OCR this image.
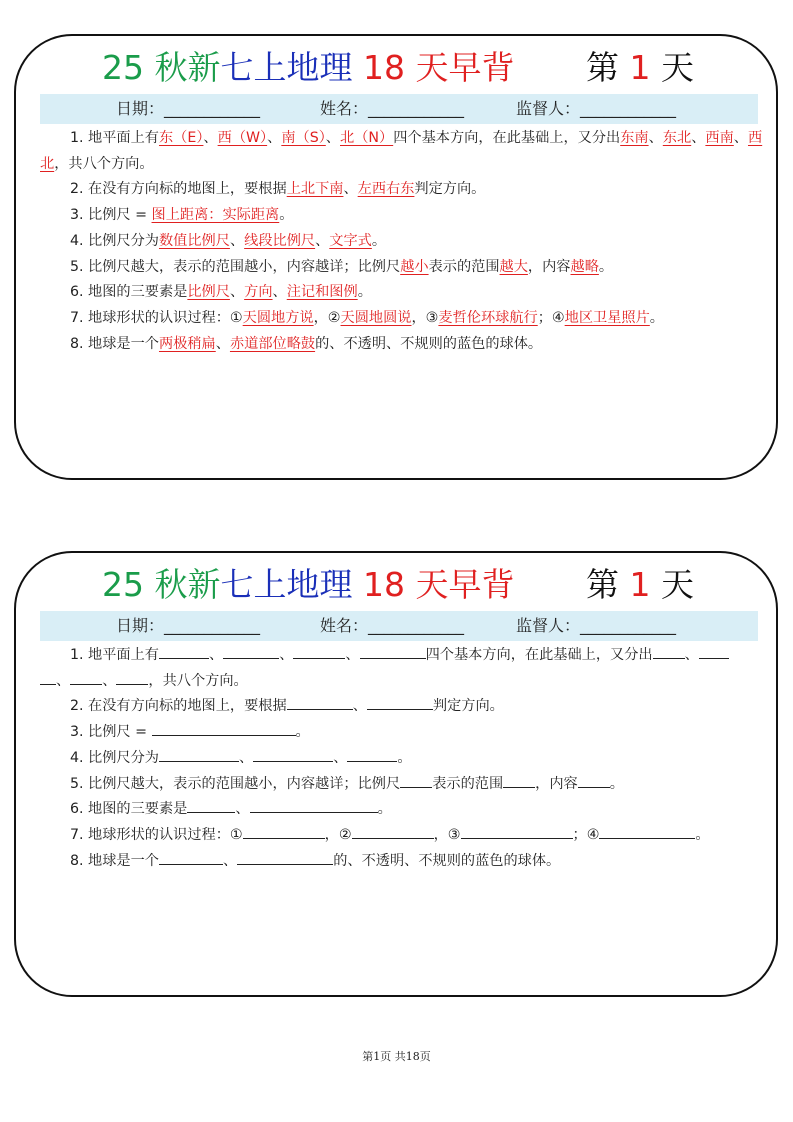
25 秋新七上地理 18 天早背 第 1 天
日期：____________	姓名：____________	监督人：____________
1. 地平面上有东（E）、西（W）、南（S）、北（N）四个基本方向，在此基础上，又分出东南、东北、西南、西北，共八个方向。
2. 在没有方向标的地图上，要根据上北下南、左西右东判定方向。
3. 比例尺 = 图上距离：实际距离。
4. 比例尺分为数值比例尺、线段比例尺、文字式。
5. 比例尺越大，表示的范围越小，内容越详；比例尺越小表示的范围越大，内容越略。
6. 地图的三要素是比例尺、方向、注记和图例。
7. 地球形状的认识过程：①天圆地方说，②天圆地圆说，③麦哲伦环球航行；④地区卫星照片。
8. 地球是一个两极稍扁、赤道部位略鼓的、不透明、不规则的蓝色的球体。
25 秋新七上地理 18 天早背 第 1 天
日期：____________	姓名：____________	监督人：____________
1. 地平面上有	、	、	、	四个基本方向，在此基础上，又分出 、
、 、 ，共八个方向。
2. 在没有方向标的地图上，要根据	、	判定方向。
3. 比例尺 =	。
4. 比例尺分为	、	、	。
5. 比例尺越大，表示的范围越小，内容越详；比例尺 表示的范围 ，内容 。
6. 地图的三要素是	、	。
7. 地球形状的认识过程：①	，②	，③	；④	。
8. 地球是一个	、	的、不透明、不规则的蓝色的球体。
第1页 共18页
